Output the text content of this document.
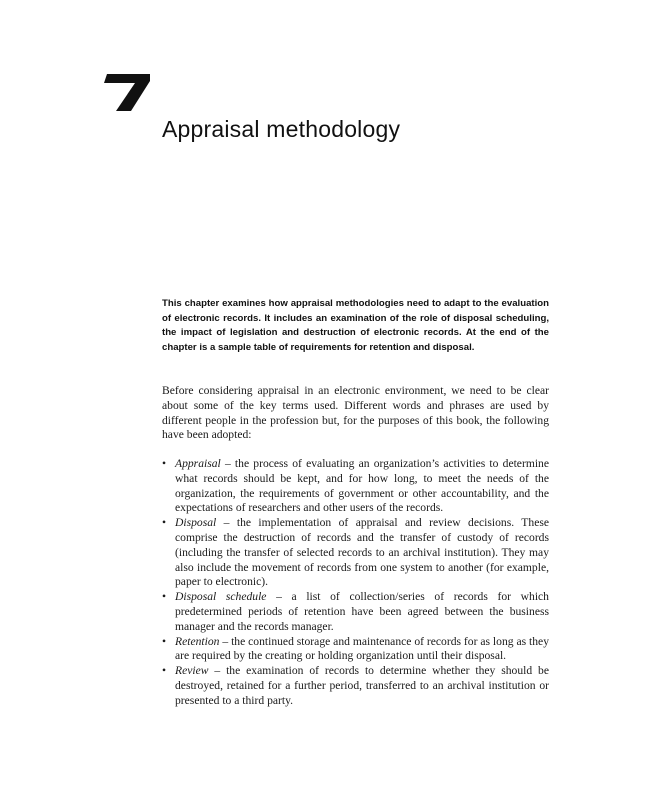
Appraisal methodology

This chapter examines how appraisal methodologies need to adapt to the evaluation of electronic records. It includes an examination of the role of disposal scheduling, the impact of legislation and destruction of electronic records. At the end of the chapter is a sample table of requirements for retention and disposal.

Before considering appraisal in an electronic environment, we need to be clear about some of the key terms used. Different words and phrases are used by different people in the profession but, for the purposes of this book, the following have been adopted:

• Appraisal – the process of evaluating an organization’s activities to determine what records should be kept, and for how long, to meet the needs of the organization, the requirements of government or other accountability, and the expectations of researchers and other users of the records.
• Disposal – the implementation of appraisal and review decisions. These comprise the destruction of records and the transfer of custody of records (including the transfer of selected records to an archival institution). They may also include the movement of records from one system to another (for example, paper to electronic).
• Disposal schedule – a list of collection/series of records for which predetermined periods of retention have been agreed between the business manager and the records manager.
• Retention – the continued storage and maintenance of records for as long as they are required by the creating or holding organization until their disposal.
• Review – the examination of records to determine whether they should be destroyed, retained for a further period, transferred to an archival institution or presented to a third party.
